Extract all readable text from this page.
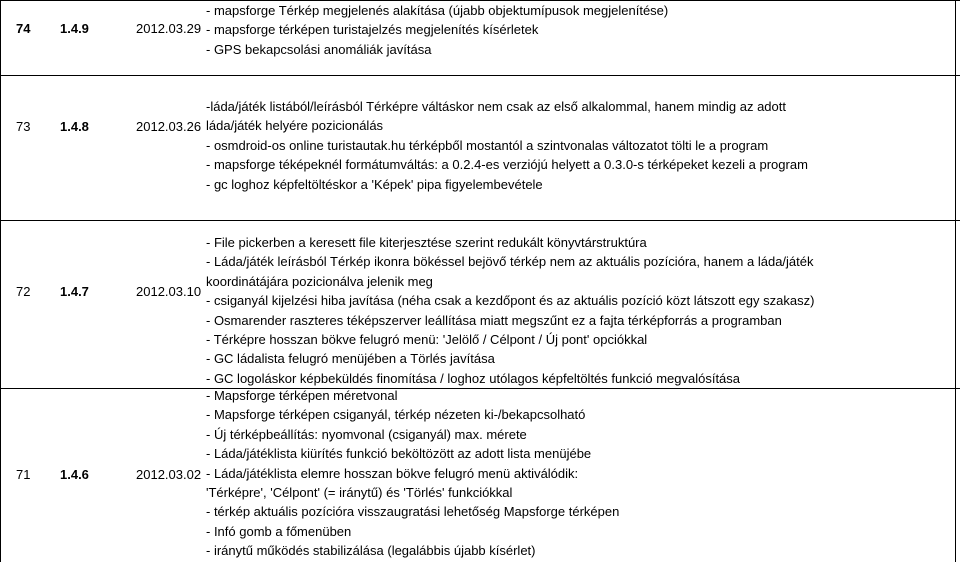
74 1.4.9	2012.03.29
- mapsforge Térkép megjelenés alakítása (újabb objektumípusok megjelenítése)
- mapsforge térképen turistajelzés megjelenítés kísérletek
- GPS bekapcsolási anomáliák javítása
73 1.4.8	2012.03.26
-láda/játék listából/leírásból Térképre váltáskor nem csak az első alkalommal, hanem mindig az adott
láda/játék helyére pozicionálás
- osmdroid-os online turistautak.hu térképből mostantól a szintvonalas változatot tölti le a program
- mapsforge téképeknél formátumváltás: a 0.2.4-es verziójú helyett a 0.3.0-s térképeket kezeli a program
- gc loghoz képfeltöltéskor a 'Képek' pipa figyelembevétele
72 1.4.7	2012.03.10
- File pickerben a keresett file kiterjesztése szerint redukált könyvtárstruktúra
- Láda/játék leírásból Térkép ikonra bökéssel bejövő térkép nem az aktuális pozícióra, hanem a láda/játék
koordinátájára pozicionálva jelenik meg
- csiganyál kijelzési hiba javítása (néha csak a kezdőpont és az aktuális pozíció közt látszott egy szakasz)
- Osmarender raszteres téképszerver leállítása miatt megszűnt ez a fajta térképforrás a programban
- Térképre hosszan bökve felugró menü: 'Jelölő / Célpont / Új pont' opciókkal
- GC ládalista felugró menüjében a Törlés javítása
- GC logoláskor képbeküldés finomítása / loghoz utólagos képfeltöltés funkció megvalósítása
71 1.4.6	2012.03.02
- Mapsforge térképen méretvonal
- Mapsforge térképen csiganyál, térkép nézeten ki-/bekapcsolható
- Új térképbeállítás: nyomvonal (csiganyál) max. mérete
- Láda/játéklista kiürítés funkció beköltözött az adott lista menüjébe
- Láda/játéklista elemre hosszan bökve felugró menü aktiválódik:
'Térképre', 'Célpont' (= iránytű) és 'Törlés' funkciókkal
- térkép aktuális pozícióra visszaugratási lehetőség Mapsforge térképen
- Infó gomb a főmenüben
- iránytű működés stabilizálása (legalábbis újabb kísérlet)
